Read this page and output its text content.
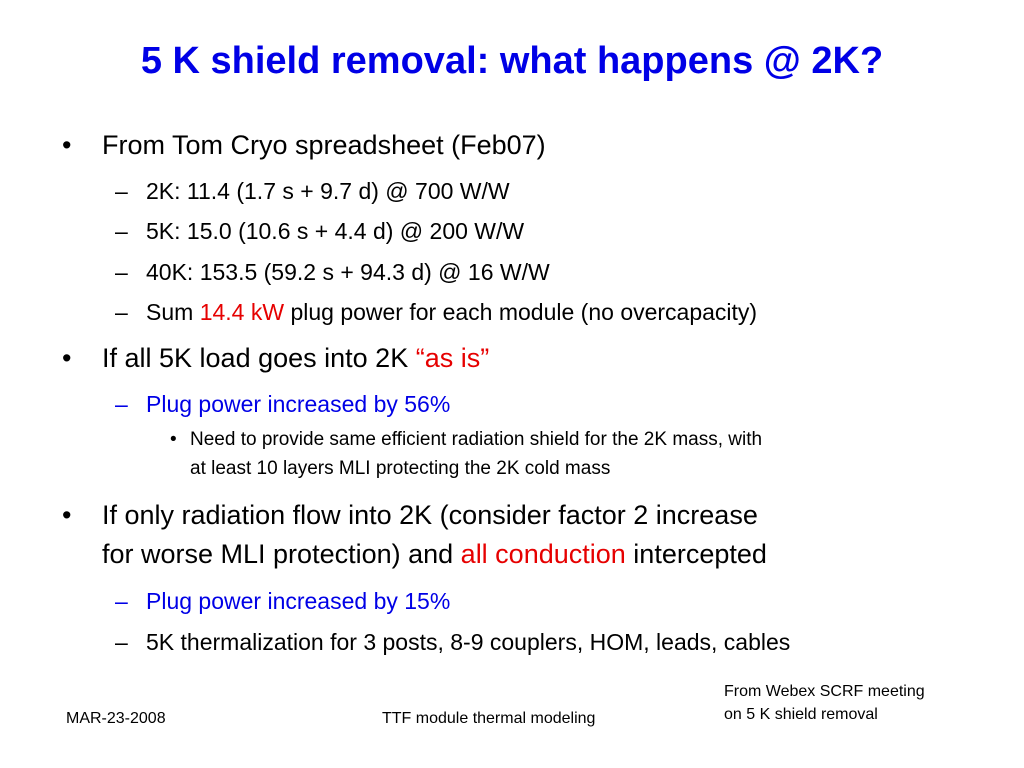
5 K shield removal: what happens @ 2K?
• From Tom Cryo spreadsheet (Feb07)
– 2K: 11.4 (1.7 s + 9.7 d) @ 700 W/W
– 5K: 15.0 (10.6 s + 4.4 d) @ 200 W/W
– 40K: 153.5 (59.2 s + 94.3 d) @ 16 W/W
– Sum 14.4 kW plug power for each module (no overcapacity)
• If all 5K load goes into 2K “as is”
– Plug power increased by 56%
• Need to provide same efficient radiation shield for the 2K mass, with
at least 10 layers MLI protecting the 2K cold mass
• If only radiation flow into 2K (consider factor 2 increase
for worse MLI protection) and all conduction intercepted
– Plug power increased by 15%
– 5K thermalization for 3 posts, 8-9 couplers, HOM, leads, cables
MAR-23-2008	TTF module thermal modeling
From Webex SCRF meeting
on 5 K shield removal
